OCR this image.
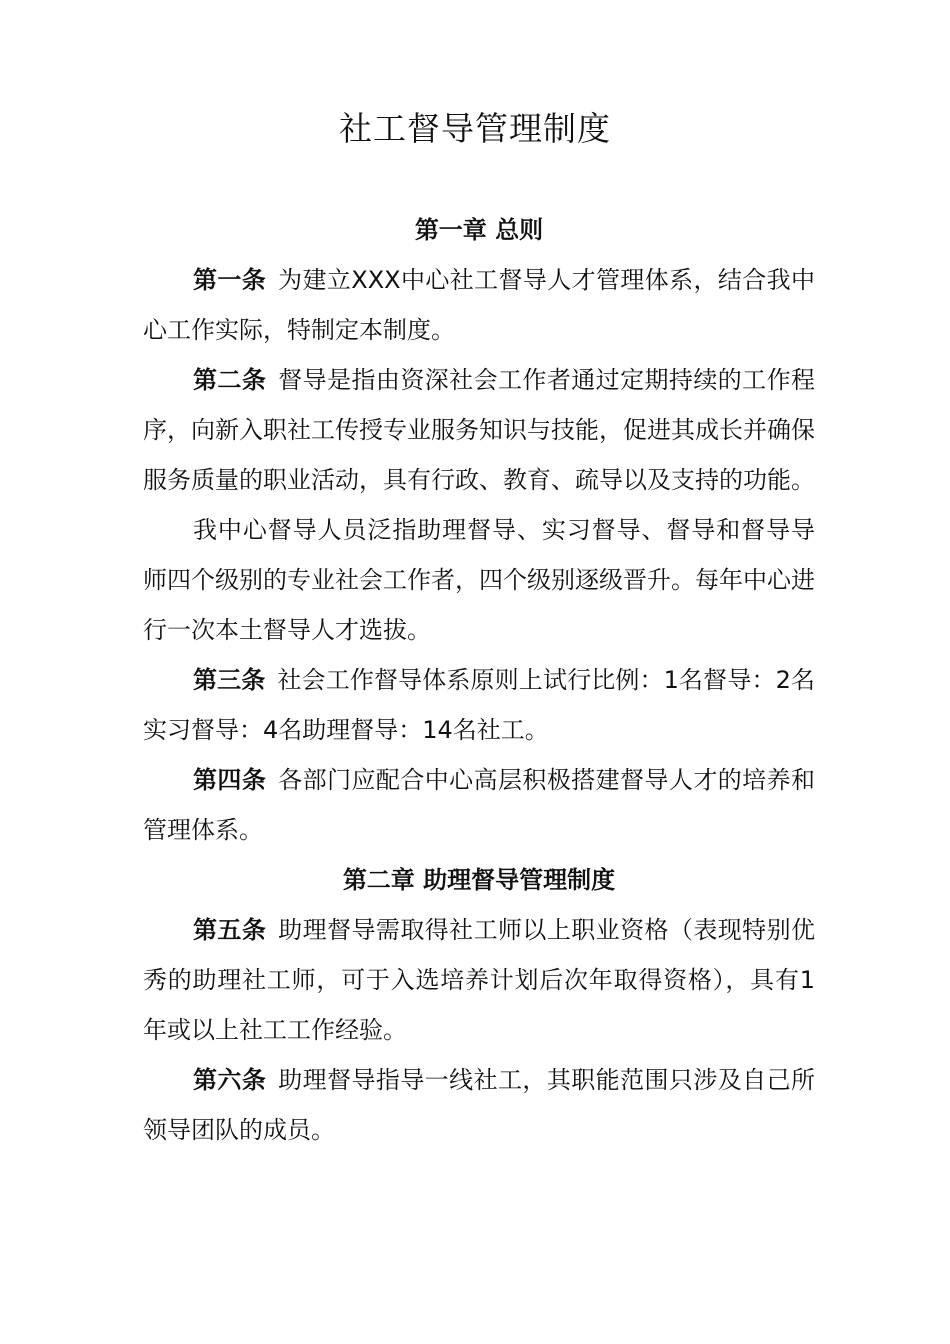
社工督导管理制度

第一章 总则

第一条 为建立XXX中心社工督导人才管理体系，结合我中心工作实际，特制定本制度。

第二条 督导是指由资深社会工作者通过定期持续的工作程序，向新入职社工传授专业服务知识与技能，促进其成长并确保服务质量的职业活动，具有行政、教育、疏导以及支持的功能。

我中心督导人员泛指助理督导、实习督导、督导和督导导师四个级别的专业社会工作者，四个级别逐级晋升。每年中心进行一次本土督导人才选拔。

第三条 社会工作督导体系原则上试行比例：1名督导：2名实习督导：4名助理督导：14名社工。

第四条 各部门应配合中心高层积极搭建督导人才的培养和管理体系。

第二章 助理督导管理制度

第五条 助理督导需取得社工师以上职业资格（表现特别优秀的助理社工师，可于入选培养计划后次年取得资格），具有1年或以上社工工作经验。

第六条 助理督导指导一线社工，其职能范围只涉及自己所领导团队的成员。
